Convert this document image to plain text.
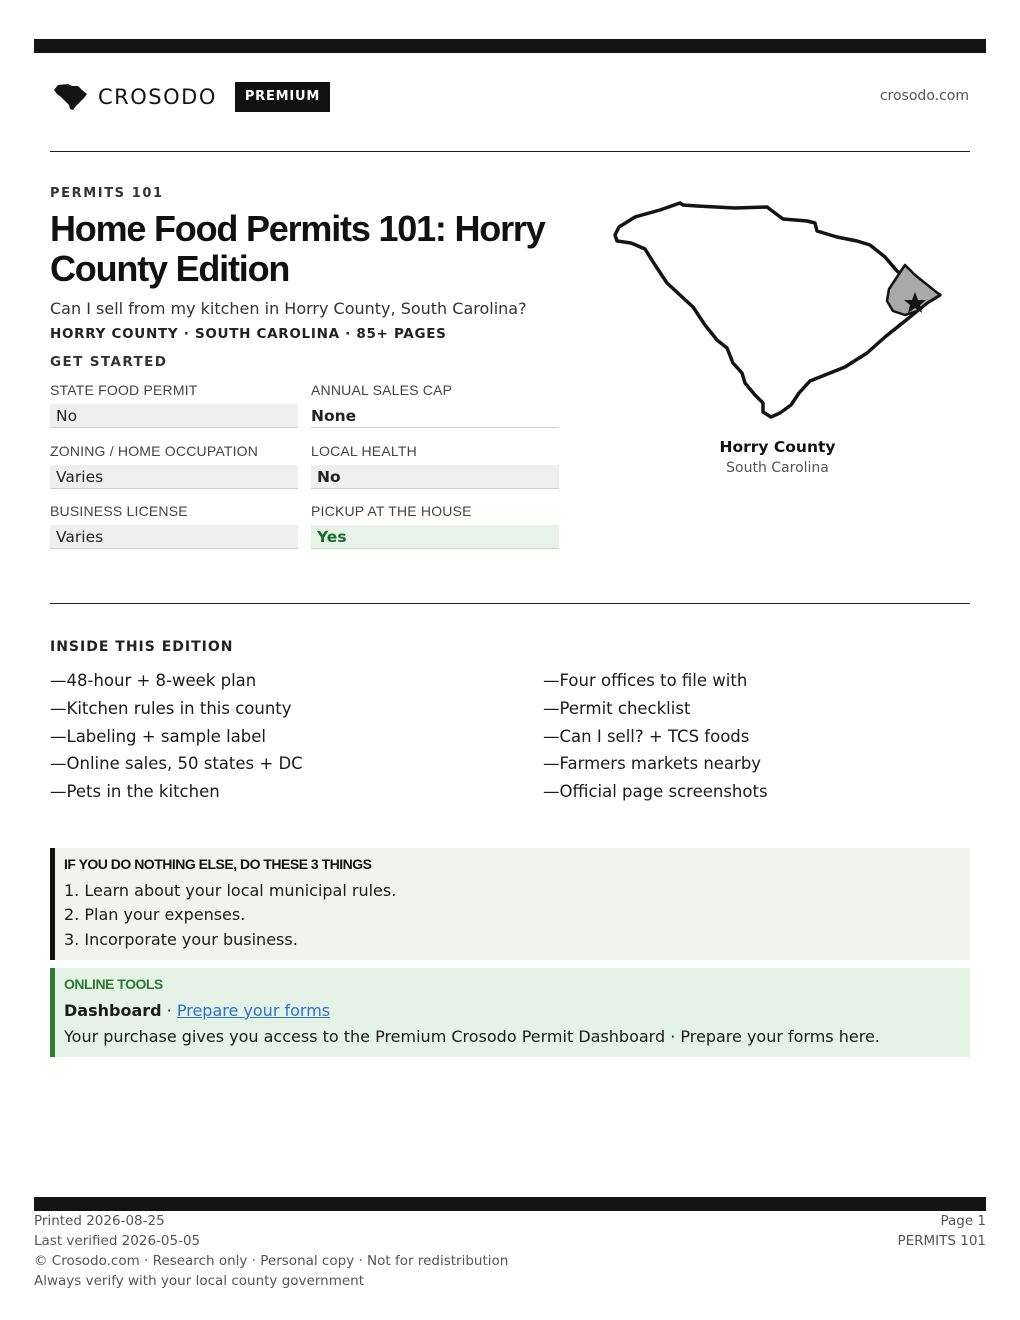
CROSODO	PREMIUM	crosodo.com
PERMITS 101
Home Food Permits 101: Horry County Edition
Can I sell from my kitchen in Horry County, South Carolina?
HORRY COUNTY · SOUTH CAROLINA · 85+ PAGES
GET STARTED
STATE FOOD PERMIT
No
ANNUAL SALES CAP
None
ZONING / HOME OCCUPATION
Varies
LOCAL HEALTH
No
BUSINESS LICENSE
Varies
PICKUP AT THE HOUSE
Yes
Horry County
South Carolina
INSIDE THIS EDITION
—48-hour + 8-week plan
—Kitchen rules in this county
—Labeling + sample label
—Online sales, 50 states + DC
—Pets in the kitchen
—Four offices to file with
—Permit checklist
—Can I sell? + TCS foods
—Farmers markets nearby
—Official page screenshots
IF YOU DO NOTHING ELSE, DO THESE 3 THINGS
1. Learn about your local municipal rules.
2. Plan your expenses.
3. Incorporate your business.
ONLINE TOOLS
Dashboard · Prepare your forms
Your purchase gives you access to the Premium Crosodo Permit Dashboard · Prepare your forms here.
Printed 2026-08-25
Last verified 2026-05-05
© Crosodo.com · Research only · Personal copy · Not for redistribution
Always verify with your local county government
Page 1
PERMITS 101
